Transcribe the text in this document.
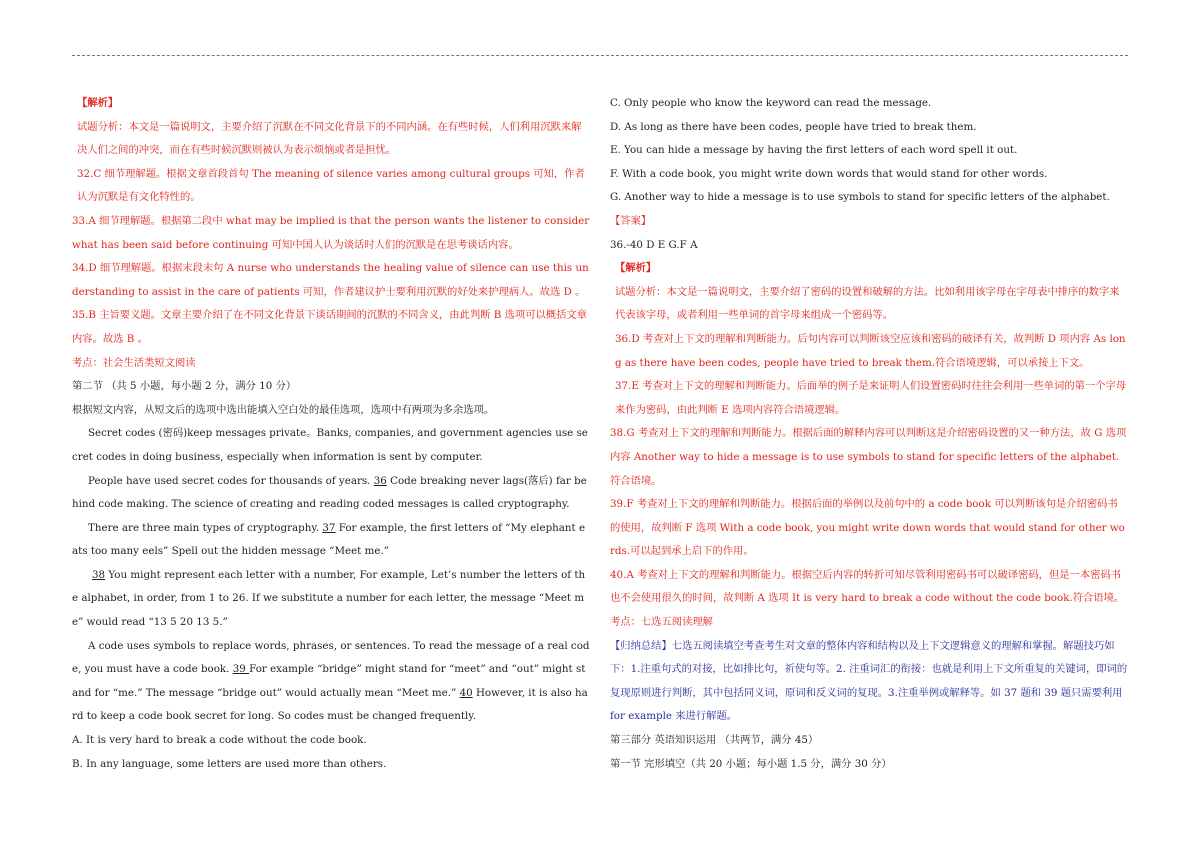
【解析】

试题分析：本文是一篇说明文，主要介绍了沉默在不同文化背景下的不同内涵。在有些时候，人们利用沉默来解决人们之间的冲突，而在有些时候沉默则被认为表示烦恼或者是担忧。

32.C 细节理解题。根据文章首段首句 The meaning of silence varies among cultural groups 可知，作者认为沉默是有文化特性的。

33.A 细节理解题。根据第二段中 what may be implied is that the person wants the listener to consider what has been said before continuing 可知中国人认为谈话时人们的沉默是在思考谈话内容。

34.D 细节理解题。根据末段末句 A nurse who understands the healing value of silence can use this understanding to assist in the care of patients 可知，作者建议护士要利用沉默的好处来护理病人。故选 D 。

35.B 主旨要义题。文章主要介绍了在不同文化背景下谈话期间的沉默的不同含义，由此判断 B 选项可以概括文章内容。故选 B 。

考点：社会生活类短文阅读

第二节 （共 5 小题，每小题 2 分，满分 10 分）

根据短文内容，从短文后的选项中选出能填入空白处的最佳选项，选项中有两项为多余选项。

Secret codes (密码)keep messages private。Banks, companies, and government agencies use secret codes in doing business, especially when information is sent by computer.

People have used secret codes for thousands of years. 36 Code breaking never lags(落后) far behind code making. The science of creating and reading coded messages is called cryptography.

There are three main types of cryptography. 37 For example, the first letters of “My elephant eats too many eels” Spell out the hidden message “Meet me.”

38 You might represent each letter with a number, For example, Let’s number the letters of the alphabet, in order, from 1 to 26. If we substitute a number for each letter, the message “Meet me” would read “13 5 20 13 5.”

A code uses symbols to replace words, phrases, or sentences. To read the message of a real code, you must have a code book. 39 For example “bridge” might stand for “meet” and “out” might stand for “me.” The message “bridge out” would actually mean “Meet me.” 40 However, it is also hard to keep a code book secret for long. So codes must be changed frequently.

A. It is very hard to break a code without the code book.

B. In any language, some letters are used more than others.

C. Only people who know the keyword can read the message.

D. As long as there have been codes, people have tried to break them.

E. You can hide a message by having the first letters of each word spell it out.

F. With a code book, you might write down words that would stand for other words.

G. Another way to hide a message is to use symbols to stand for specific letters of the alphabet.

【答案】

36.-40 D E G.F A

【解析】

试题分析：本文是一篇说明文，主要介绍了密码的设置和破解的方法。比如利用该字母在字母表中排序的数字来代表该字母，或者利用一些单词的首字母来组成一个密码等。

36.D 考查对上下文的理解和判断能力。后句内容可以判断该空应该和密码的破译有关，故判断 D 项内容 As long as there have been codes, people have tried to break them.符合语境逻辑，可以承接上下文。

37.E 考查对上下文的理解和判断能力。后面举的例子是来证明人们设置密码时往往会利用一些单词的第一个字母来作为密码，由此判断 E 选项内容符合语境逻辑。

38.G 考查对上下文的理解和判断能力。根据后面的解释内容可以判断这是介绍密码设置的又一种方法，故 G 选项内容 Another way to hide a message is to use symbols to stand for specific letters of the alphabet.符合语境。

39.F 考查对上下文的理解和判断能力。根据后面的举例以及前句中的 a code book 可以判断该句是介绍密码书的使用，故判断 F 选项 With a code book, you might write down words that would stand for other words.可以起到承上启下的作用。

40.A 考查对上下文的理解和判断能力。根据空后内容的转折可知尽管利用密码书可以破译密码，但是一本密码书也不会使用很久的时间，故判断 A 选项 It is very hard to break a code without the code book.符合语境。

考点：七选五阅读理解

【归纳总结】七选五阅读填空考查考生对文章的整体内容和结构以及上下文逻辑意义的理解和掌握。解题技巧如下：1.注重句式的对接，比如排比句，祈使句等。2. 注重词汇的衔接：也就是利用上下文所重复的关键词，即词的复现原则进行判断，其中包括同义词，原词和反义词的复现。3.注重举例或解释等。如 37 题和 39 题只需要利用 for example 来进行解题。

第三部分 英语知识运用 （共两节，满分 45）

第一节 完形填空（共 20 小题；每小题 1.5 分，满分 30 分）
